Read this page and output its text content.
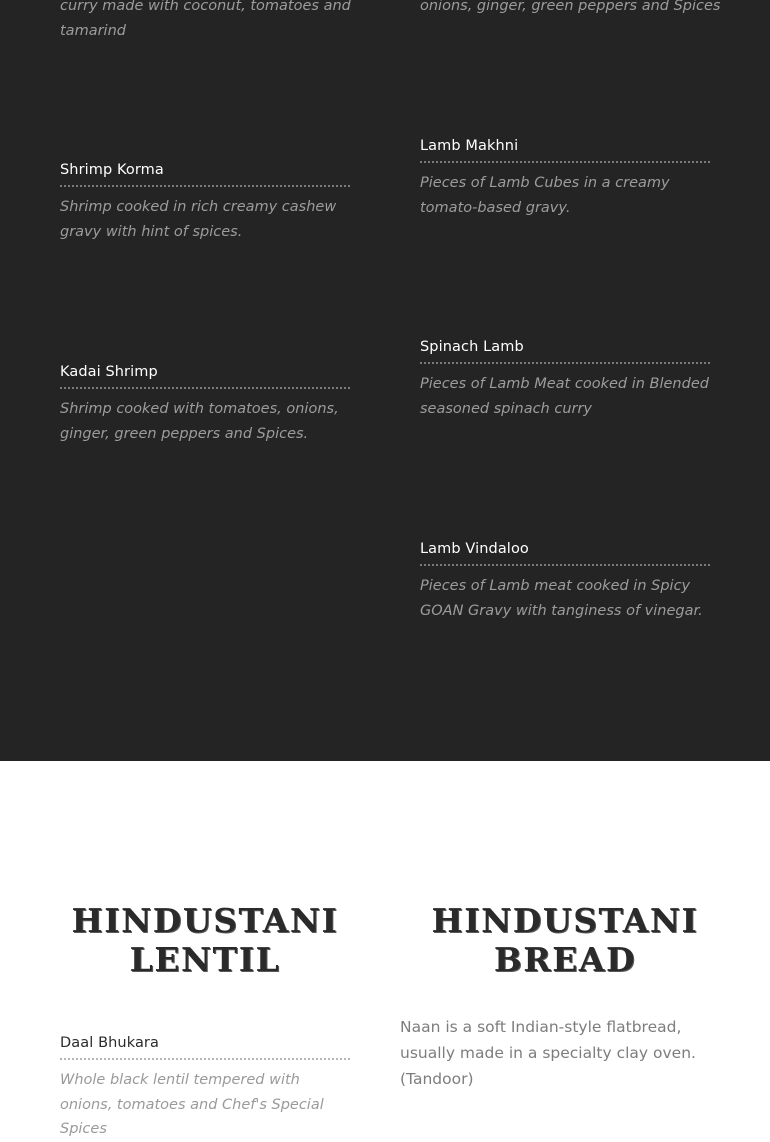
curry made with coconut, tomatoes and tamarind
onions, ginger, green peppers and Spices
Shrimp Korma
Shrimp cooked in rich creamy cashew gravy with hint of spices.
Kadai Shrimp
Shrimp cooked with tomatoes, onions, ginger, green peppers and Spices.
Lamb Makhni
Pieces of Lamb Cubes in a creamy tomato-based gravy.
Spinach Lamb
Pieces of Lamb Meat cooked in Blended seasoned spinach curry
Lamb Vindaloo
Pieces of Lamb meat cooked in Spicy GOAN Gravy with tanginess of vinegar.
HINDUSTANI
LENTIL
HINDUSTANI
BREAD
Daal Bhukara
Whole black lentil tempered with onions, tomatoes and Chef's Special Spices
Naan is a soft Indian-style flatbread, usually made in a specialty clay oven. (Tandoor)
